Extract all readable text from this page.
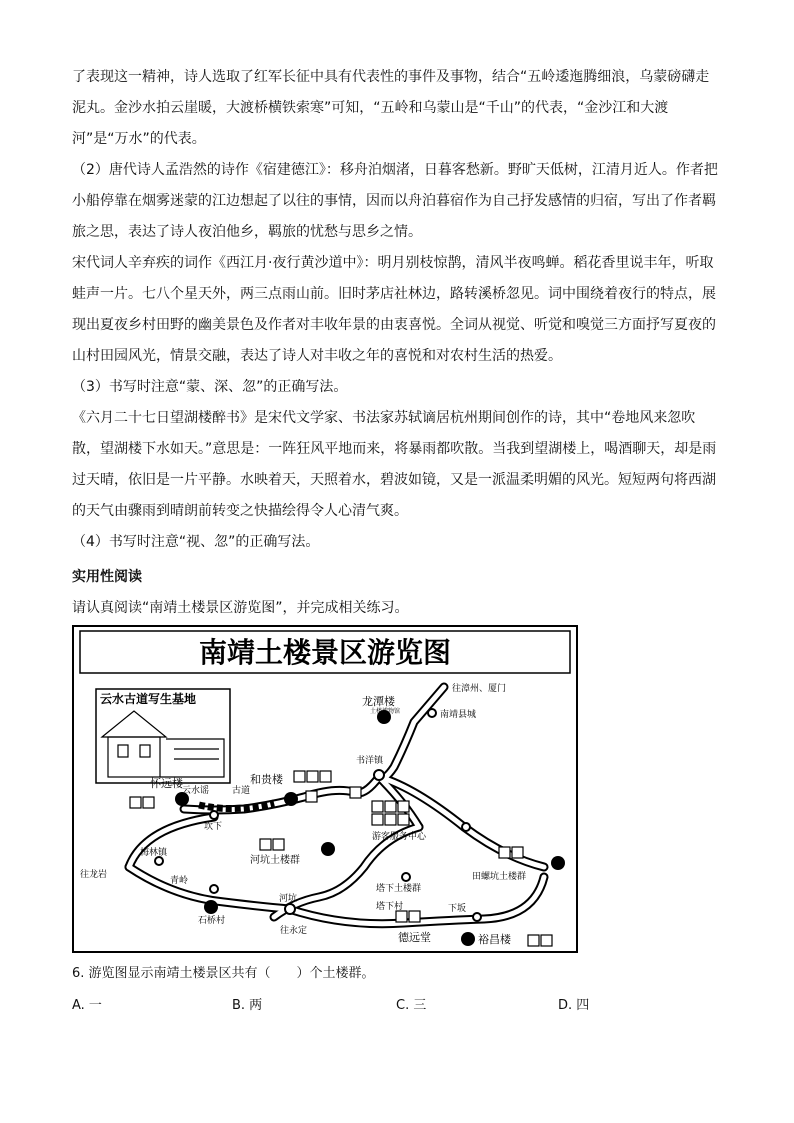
了表现这一精神，诗人选取了红军长征中具有代表性的事件及事物，结合“五岭逶迤腾细浪，乌蒙磅礴走泥丸。金沙水拍云崖暖，大渡桥横铁索寒”可知，“五岭和乌蒙山是“千山”的代表，“金沙江和大渡河”是“万水”的代表。

（2）唐代诗人孟浩然的诗作《宿建德江》：移舟泊烟渚，日暮客愁新。野旷天低树，江清月近人。作者把小船停靠在烟雾迷蒙的江边想起了以往的事情，因而以舟泊暮宿作为自己抒发感情的归宿，写出了作者羁旅之思，表达了诗人夜泊他乡，羁旅的忧愁与思乡之情。

宋代词人辛弃疾的词作《西江月·夜行黄沙道中》：明月别枝惊鹊，清风半夜鸣蝉。稻花香里说丰年，听取蛙声一片。七八个星天外，两三点雨山前。旧时茅店社林边，路转溪桥忽见。词中围绕着夜行的特点，展现出夏夜乡村田野的幽美景色及作者对丰收年景的由衷喜悦。全词从视觉、听觉和嗅觉三方面抒写夏夜的山村田园风光，情景交融，表达了诗人对丰收之年的喜悦和对农村生活的热爱。

（3）书写时注意“蒙、深、忽”的正确写法。

《六月二十七日望湖楼醉书》是宋代文学家、书法家苏轼谪居杭州期间创作的诗，其中“卷地风来忽吹散，望湖楼下水如天。”意思是：一阵狂风平地而来，将暴雨都吹散。当我到望湖楼上，喝酒聊天，却是雨过天晴，依旧是一片平静。水映着天，天照着水，碧波如镜，又是一派温柔明媚的风光。短短两句将西湖的天气由骤雨到晴朗前转变之快描绘得令人心清气爽。

（4）书写时注意“视、忽”的正确写法。

实用性阅读
请认真阅读“南靖土楼景区游览图”，并完成相关练习。
南靖土楼景区游览图
云水古道写生基地
往漳州、厦门
龙潭楼
土楼博物馆	南靖县城
书洋镇
怀远楼	和贵楼
云水谣	古道
坎下
游客服务中心
梅林镇
往龙岩
青岭
河坑土楼群
塔下土楼群
田螺坑土楼群
石桥村
河坑
塔下村	下坂
往永定	德远堂	裕昌楼
6. 游览图显示南靖土楼景区共有（　　）个土楼群。
A. 一	B. 两	C. 三	D. 四
